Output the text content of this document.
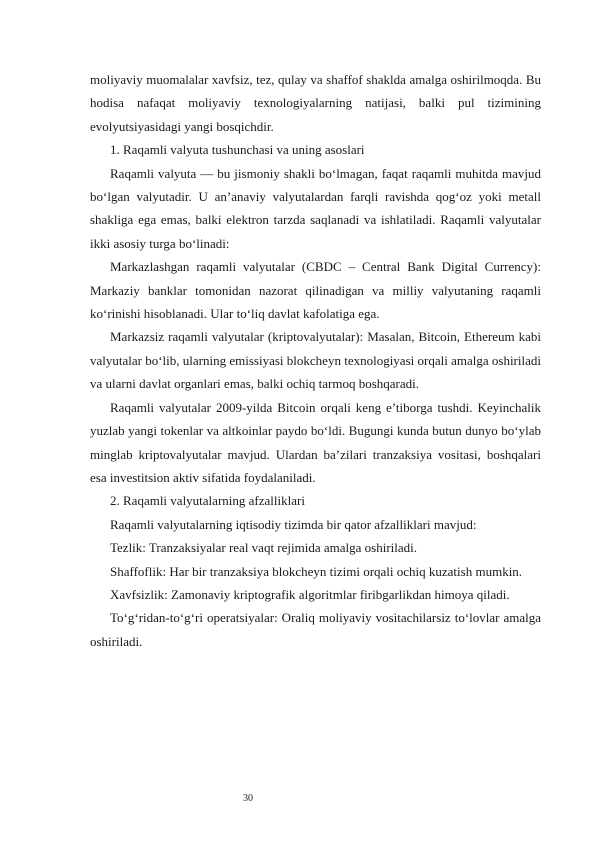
moliyaviy muomalalar xavfsiz, tez, qulay va shaffof shaklda amalga oshirilmoqda. Bu hodisa nafaqat moliyaviy texnologiyalarning natijasi, balki pul tizimining evolyutsiyasidagi yangi bosqichdir.

1. Raqamli valyuta tushunchasi va uning asoslari

Raqamli valyuta — bu jismoniy shakli bo‘lmagan, faqat raqamli muhitda mavjud bo‘lgan valyutadir. U an’anaviy valyutalardan farqli ravishda qog‘oz yoki metall shakliga ega emas, balki elektron tarzda saqlanadi va ishlatiladi. Raqamli valyutalar ikki asosiy turga bo‘linadi:

Markazlashgan raqamli valyutalar (CBDC – Central Bank Digital Currency): Markaziy banklar tomonidan nazorat qilinadigan va milliy valyutaning raqamli ko‘rinishi hisoblanadi. Ular to‘liq davlat kafolatiga ega.

Markazsiz raqamli valyutalar (kriptovalyutalar): Masalan, Bitcoin, Ethereum kabi valyutalar bo‘lib, ularning emissiyasi blokcheyn texnologiyasi orqali amalga oshiriladi va ularni davlat organlari emas, balki ochiq tarmoq boshqaradi.

Raqamli valyutalar 2009-yilda Bitcoin orqali keng e’tiborga tushdi. Keyinchalik yuzlab yangi tokenlar va altkoinlar paydo bo‘ldi. Bugungi kunda butun dunyo bo‘ylab minglab kriptovalyutalar mavjud. Ulardan ba’zilari tranzaksiya vositasi, boshqalari esa investitsion aktiv sifatida foydalaniladi.

2. Raqamli valyutalarning afzalliklari

Raqamli valyutalarning iqtisodiy tizimda bir qator afzalliklari mavjud:

Tezlik: Tranzaksiyalar real vaqt rejimida amalga oshiriladi.

Shaffoflik: Har bir tranzaksiya blokcheyn tizimi orqali ochiq kuzatish mumkin.

Xavfsizlik: Zamonaviy kriptografik algoritmlar firibgarlikdan himoya qiladi.

To‘g‘ridan-to‘g‘ri operatsiyalar: Oraliq moliyaviy vositachilarsiz to‘lovlar amalga oshiriladi.

30
